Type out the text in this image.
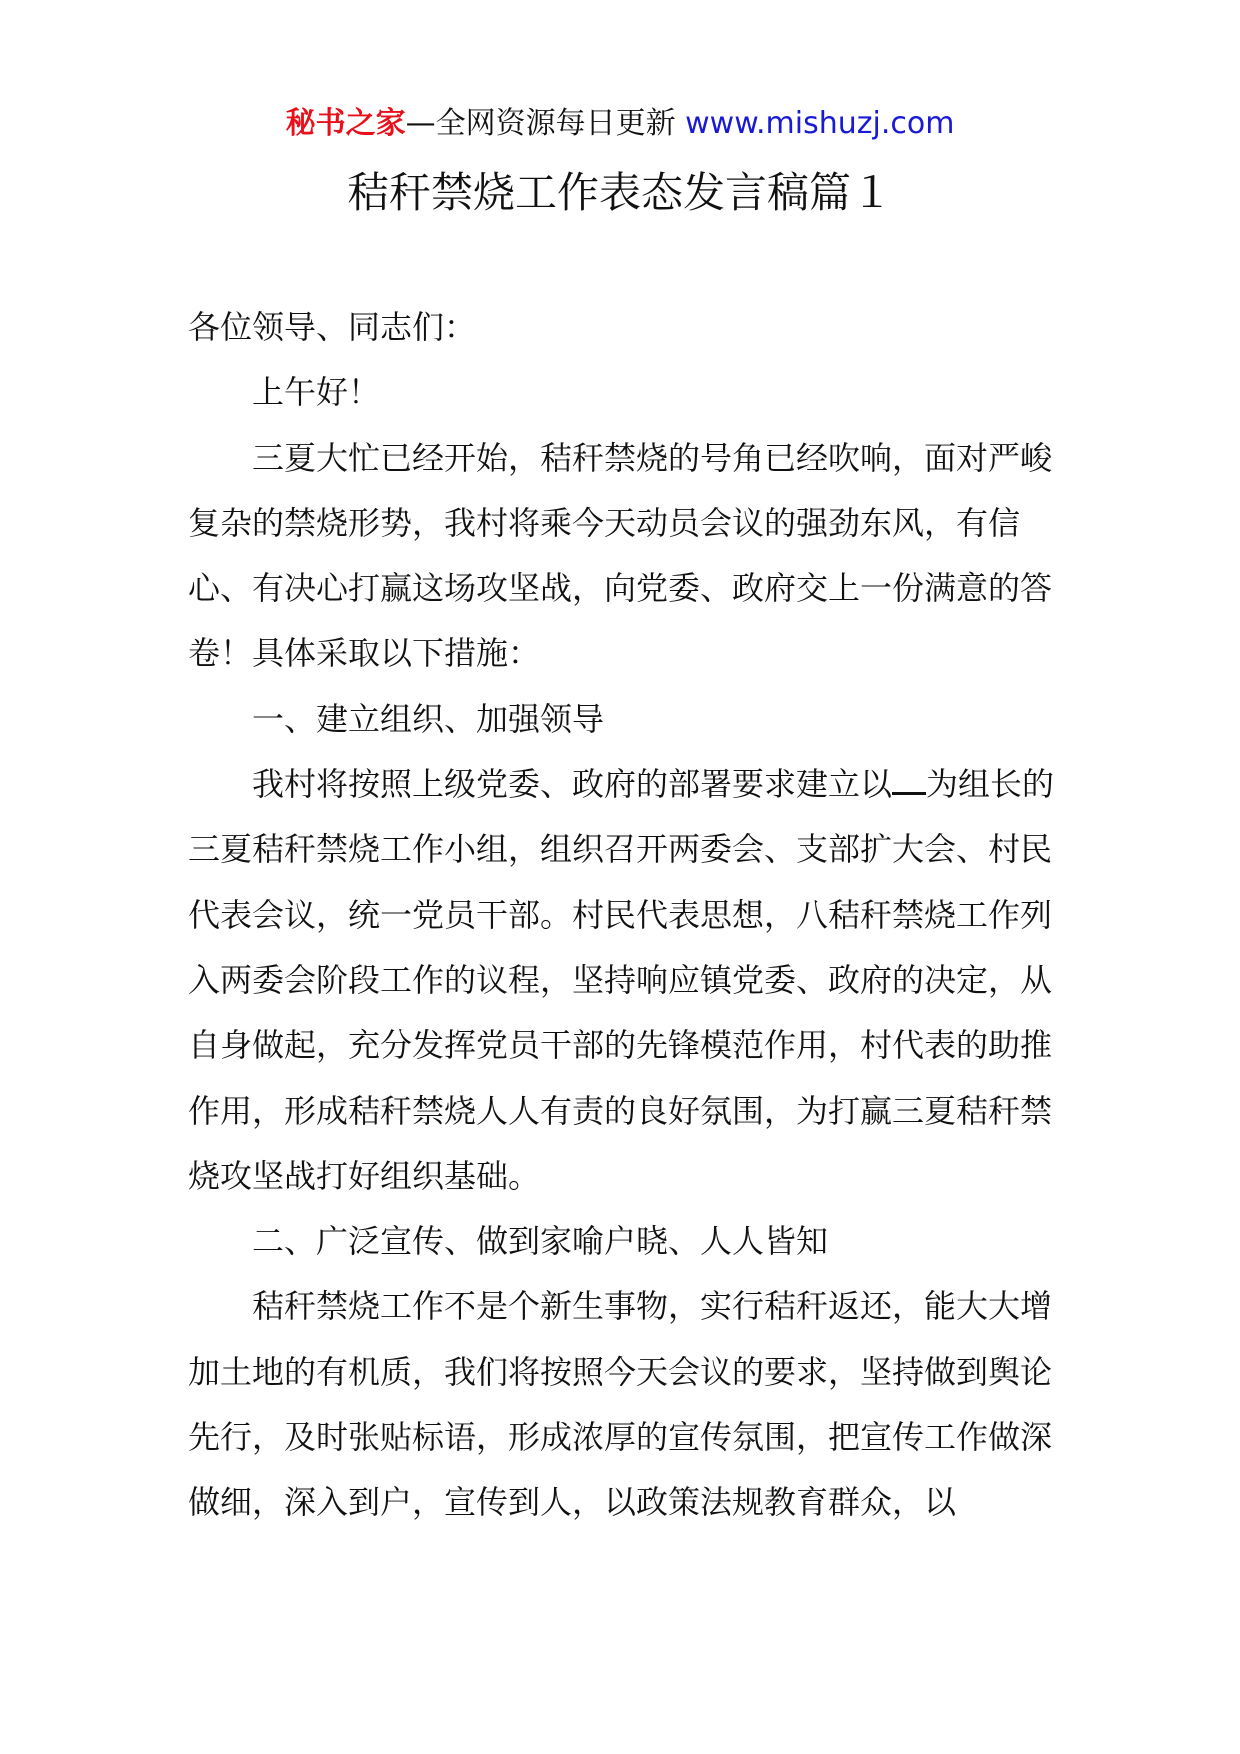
秘书之家—全网资源每日更新 www.mishuzj.com
秸秆禁烧工作表态发言稿篇１

各位领导、同志们：

上午好！

三夏大忙已经开始，秸秆禁烧的号角已经吹响，面对严峻复杂的禁烧形势，我村将乘今天动员会议的强劲东风，有信心、有决心打赢这场攻坚战，向党委、政府交上一份满意的答卷！具体采取以下措施：

一、建立组织、加强领导

我村将按照上级党委、政府的部署要求建立以 为组长的三夏秸秆禁烧工作小组，组织召开两委会、支部扩大会、村民代表会议，统一党员干部。村民代表思想，八秸秆禁烧工作列入两委会阶段工作的议程，坚持响应镇党委、政府的决定，从自身做起，充分发挥党员干部的先锋模范作用，村代表的助推作用，形成秸秆禁烧人人有责的良好氛围，为打赢三夏秸秆禁烧攻坚战打好组织基础。

二、广泛宣传、做到家喻户晓、人人皆知

秸秆禁烧工作不是个新生事物，实行秸秆返还，能大大增加土地的有机质，我们将按照今天会议的要求，坚持做到舆论先行，及时张贴标语，形成浓厚的宣传氛围，把宣传工作做深做细，深入到户，宣传到人，以政策法规教育群众，以
